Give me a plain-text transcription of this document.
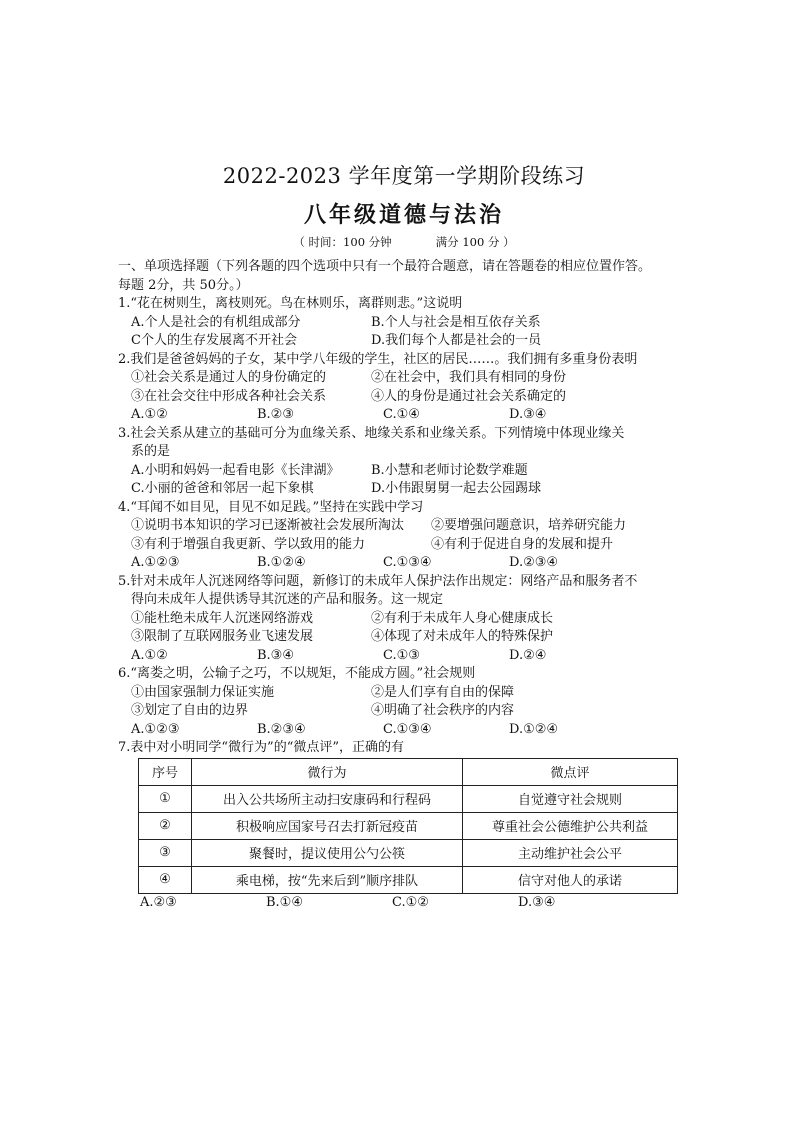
2022-2023 学年度第一学期阶段练习
八年级道德与法治
（ 时间：100 分钟	满分 100 分 ）
一、单项选择题（下列各题的四个选项中只有一个最符合题意，请在答题卷的相应位置作答。
每题 2分，共 50分。）
1.“花在树则生，离枝则死。鸟在林则乐，离群则悲。”这说明
A.个人是社会的有机组成部分	B.个人与社会是相互依存关系
C个人的生存发展离不开社会	D.我们每个人都是社会的一员
2.我们是爸爸妈妈的子女，某中学八年级的学生，社区的居民……。我们拥有多重身份表明
①社会关系是通过人的身份确定的	②在社会中，我们具有相同的身份
③在社会交往中形成各种社会关系	④人的身份是通过社会关系确定的
A.①②	B.②③	C.①④	D.③④
3.社会关系从建立的基础可分为血缘关系、地缘关系和业缘关系。下列情境中体现业缘关
系的是
A.小明和妈妈一起看电影《长津湖》	B.小慧和老师讨论数学难题
C.小丽的爸爸和邻居一起下象棋	D.小伟跟舅舅一起去公园踢球
4.“耳闻不如目见，目见不如足践。”坚持在实践中学习
①说明书本知识的学习已逐渐被社会发展所淘汰	②要增强问题意识，培养研究能力
③有利于增强自我更新、学以致用的能力	④有利于促进自身的发展和提升
A.①②③	B.①②④	C.①③④	D.②③④
5.针对未成年人沉迷网络等问题，新修订的未成年人保护法作出规定：网络产品和服务者不
得向未成年人提供诱导其沉迷的产品和服务。这一规定
①能杜绝未成年人沉迷网络游戏	②有利于未成年人身心健康成长
③限制了互联网服务业飞速发展	④体现了对未成年人的特殊保护
A.①②	B.③④	C.①③	D.②④
6.“离娄之明，公输子之巧，不以规矩，不能成方圆。”社会规则
①由国家强制力保证实施	②是人们享有自由的保障
③划定了自由的边界	④明确了社会秩序的内容
A.①②③	B.②③④	C.①③④	D.①②④
7.表中对小明同学“微行为”的“微点评”，正确的有
序号	微行为	微点评
①	出入公共场所主动扫安康码和行程码	自觉遵守社会规则
②	积极响应国家号召去打新冠疫苗	尊重社会公德维护公共利益
③	聚餐时，提议使用公勺公筷	主动维护社会公平
④	乘电梯，按“先来后到”顺序排队	信守对他人的承诺
A.②③	B.①④	C.①②	D.③④
